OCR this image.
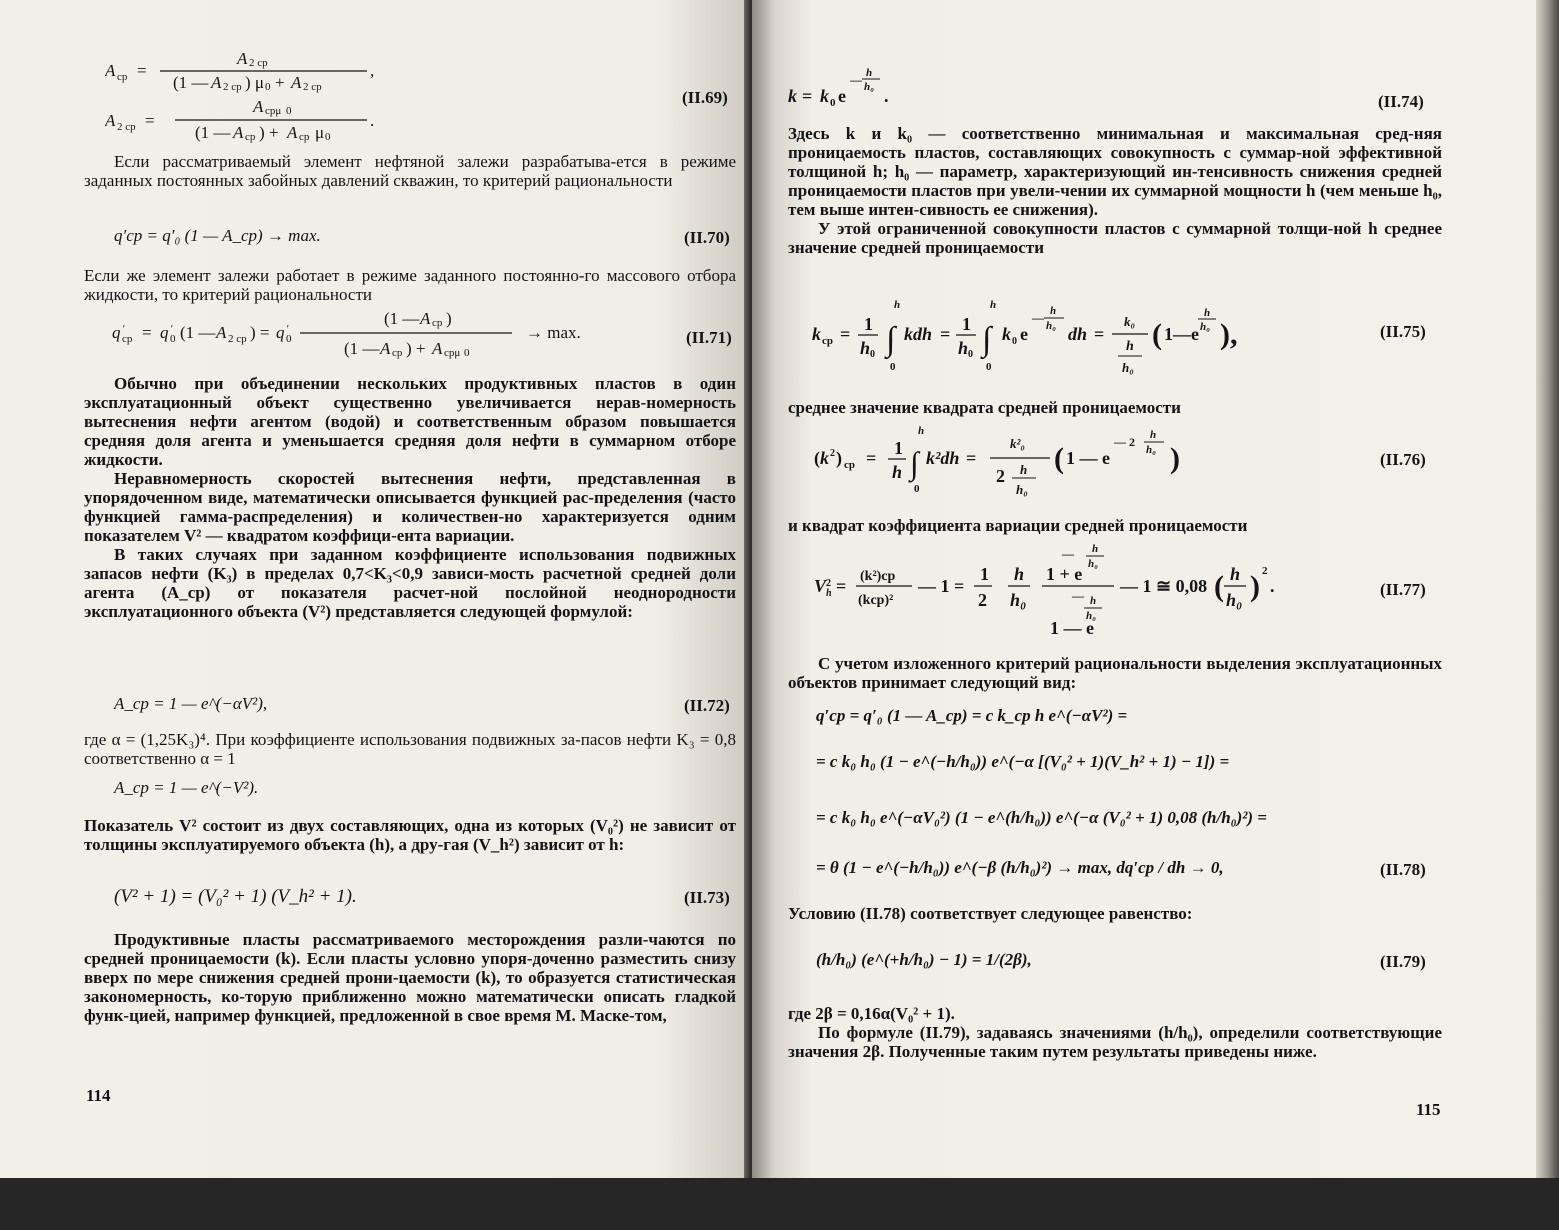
A ср =
A 2 ср
(1 — A 2 ср ) μ 0 + A 2 ср
,
A 2 ср =
A срμ 0
(1 — A ср ) + A ср μ 0
.
(II.69)

Если рассматриваемый элемент нефтяной залежи разрабатыва-ется в режиме заданных постоянных забойных давлений скважин, то критерий рациональности

q′ср = q′₀ (1 — A_ср) → max.	(II.70)

Если же элемент залежи работает в режиме заданного постоянно-го массового отбора жидкости, то критерий рациональности

q ′
ср = q ′
0 (1 — A 2 ср ) = q ′
0
(1 — A ср )
(1 — A ср ) + A срμ 0
→ max.	(II.71)

Обычно при объединении нескольких продуктивных пластов в один эксплуатационный объект существенно увеличивается нерав-номерность вытеснения нефти агентом (водой) и соответственным образом повышается средняя доля агента и уменьшается средняя доля нефти в суммарном отборе жидкости.

Неравномерность скоростей вытеснения нефти, представленная в упорядоченном виде, математически описывается функцией рас-пределения (часто функцией гамма-распределения) и количествен-но характеризуется одним показателем V² — квадратом коэффици-ента вариации.

В таких случаях при заданном коэффициенте использования подвижных запасов нефти (K₃) в пределах 0,7<K₃<0,9 зависи-мость расчетной средней доли агента (A_ср) от показателя расчет-ной послойной неоднородности эксплуатационного объекта (V²) представляется следующей формулой:

A_ср = 1 — e^(−αV²),	(II.72)

где α = (1,25K₃)⁴. При коэффициенте использования подвижных за-пасов нефти K₃ = 0,8 соответственно α = 1

A_ср = 1 — e^(−V²).

Показатель V² состоит из двух составляющих, одна из которых (V₀²) не зависит от толщины эксплуатируемого объекта (h), а дру-гая (V_h²) зависит от h:

(V² + 1) = (V₀² + 1) (V_h² + 1).	(II.73)

Продуктивные пласты рассматриваемого месторождения разли-чаются по средней проницаемости (k). Если пласты условно упоря-доченно разместить снизу вверх по мере снижения средней прони-цаемости (k), то образуется статистическая закономерность, ко-торую приближенно можно математически описать гладкой функ-цией, например функцией, предложенной в свое время М. Маске-том,

114
k = k 0 e
— h
h₀ .	(II.74)

Здесь k и k₀ — соответственно минимальная и максимальная сред-няя проницаемость пластов, составляющих совокупность с суммар-ной эффективной толщиной h; h₀ — параметр, характеризующий ин-тенсивность снижения средней проницаемости пластов при увели-чении их суммарной мощности h (чем меньше h₀, тем выше интен-сивность ее снижения).

У этой ограниченной совокупности пластов с суммарной толщи-ной h среднее значение средней проницаемости

k ср = 1
h 0 ∫
h
0
kdh = 1
h 0 ∫
h
0
k 0 e
— h
h₀ dh =
k₀
h
h₀
( 1—e
h
h₀ ),	(II.75)

среднее значение квадрата средней проницаемости

( k 2 ) ср = 1
h ∫
h
0
k²dh =
k²₀
2 h
h₀
( 1 — e
— 2 h
h₀ )	(II.76)

и квадрат коэффициента вариации средней проницаемости

V 2
h = (k²)ср
(kср)²
— 1 =
1
2
h
h₀
— h
h₀
1 + e
— h
h₀
1 — e
— 1 ≅ 0,08 ( h
h₀ ) 2
.	(II.77)

С учетом изложенного критерий рациональности выделения эксплуатационных объектов принимает следующий вид:

q′ср = q′₀ (1 — A_ср) = c k_ср h e^(−αV²) =
= c k₀ h₀ (1 − e^(−h/h₀)) e^(−α [(V₀² + 1)(V_h² + 1) − 1]) =
= c k₀ h₀ e^(−αV₀²) (1 − e^(h/h₀)) e^(−α (V₀² + 1) 0,08 (h/h₀)²) =
= θ (1 − e^(−h/h₀)) e^(−β (h/h₀)²) → max, dq′ср / dh → 0,	(II.78)

Условию (II.78) соответствует следующее равенство:

(h/h₀) (e^(+h/h₀) − 1) = 1/(2β),	(II.79)

где 2β = 0,16α(V₀² + 1).

По формуле (II.79), задаваясь значениями (h/h₀), определили соответствующие значения 2β. Полученные таким путем результаты приведены ниже.

115
